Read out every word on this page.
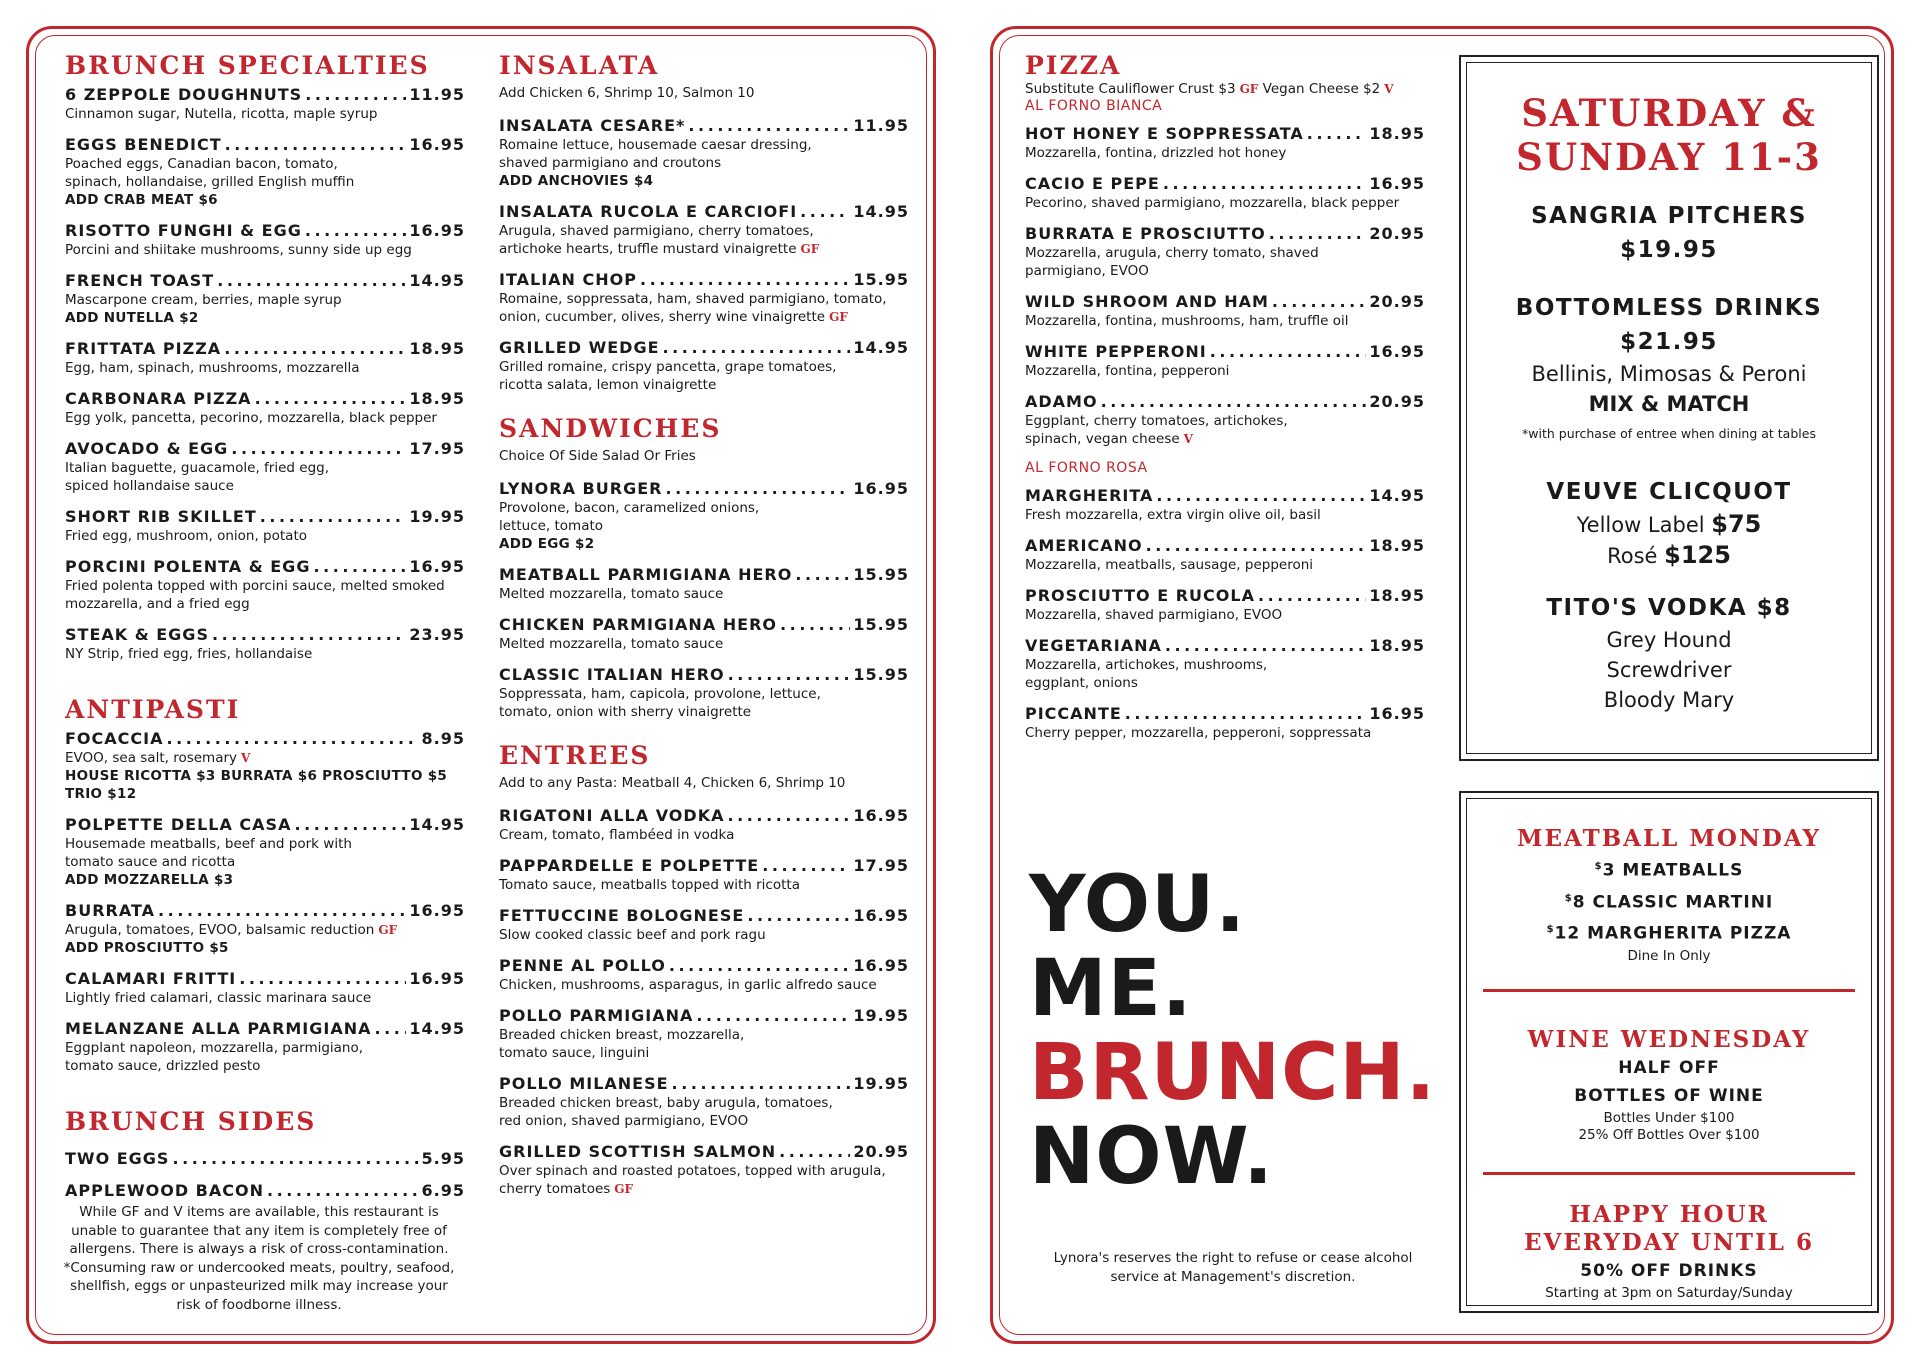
BRUNCH SPECIALTIES
6 ZEPPOLE DOUGHNUTS . . .	11.95
Cinnamon sugar, Nutella, ricotta, maple syrup
EGGS BENEDICT . . .	16.95
Poached eggs, Canadian bacon, tomato,
spinach, hollandaise, grilled English muffin
ADD CRAB MEAT $6
RISOTTO FUNGHI & EGG . . .	16.95
Porcini and shiitake mushrooms, sunny side up egg
FRENCH TOAST . . .	14.95
Mascarpone cream, berries, maple syrup
ADD NUTELLA $2
FRITTATA PIZZA . . .	18.95
Egg, ham, spinach, mushrooms, mozzarella
CARBONARA PIZZA . . .	18.95
Egg yolk, pancetta, pecorino, mozzarella, black pepper
AVOCADO & EGG . . .	17.95
Italian baguette, guacamole, fried egg,
spiced hollandaise sauce
SHORT RIB SKILLET . . .	19.95
Fried egg, mushroom, onion, potato
PORCINI POLENTA & EGG . . .	16.95
Fried polenta topped with porcini sauce, melted smoked
mozzarella, and a fried egg
STEAK & EGGS . . .	23.95
NY Strip, fried egg, fries, hollandaise
ANTIPASTI
FOCACCIA . . .	8.95
EVOO, sea salt, rosemary V
HOUSE RICOTTA $3 BURRATA $6 PROSCIUTTO $5
TRIO $12
POLPETTE DELLA CASA . . .	14.95
Housemade meatballs, beef and pork with
tomato sauce and ricotta
ADD MOZZARELLA $3
BURRATA . . .	16.95
Arugula, tomatoes, EVOO, balsamic reduction GF
ADD PROSCIUTTO $5
CALAMARI FRITTI . . .	16.95
Lightly fried calamari, classic marinara sauce
MELANZANE ALLA PARMIGIANA . . . 14.95
Eggplant napoleon, mozzarella, parmigiano,
tomato sauce, drizzled pesto
BRUNCH SIDES
TWO EGGS . . .	5.95
APPLEWOOD BACON . . .	6.95
While GF and V items are available, this restaurant is unable to guarantee that any item is completely free of allergens. There is always a risk of cross-contamination. *Consuming raw or undercooked meats, poultry, seafood, shellfish, eggs or unpasteurized milk may increase your risk of foodborne illness.
INSALATA
Add Chicken 6, Shrimp 10, Salmon 10
INSALATA CESARE* . . .	11.95
Romaine lettuce, housemade caesar dressing,
shaved parmigiano and croutons
ADD ANCHOVIES $4
INSALATA RUCOLA E CARCIOFI . . .	14.95
Arugula, shaved parmigiano, cherry tomatoes,
artichoke hearts, truffle mustard vinaigrette GF
ITALIAN CHOP . . .	15.95
Romaine, soppressata, ham, shaved parmigiano, tomato,
onion, cucumber, olives, sherry wine vinaigrette GF
GRILLED WEDGE . . .	14.95
Grilled romaine, crispy pancetta, grape tomatoes,
ricotta salata, lemon vinaigrette
SANDWICHES
Choice Of Side Salad Or Fries
LYNORA BURGER . . .	16.95
Provolone, bacon, caramelized onions,
lettuce, tomato
ADD EGG $2
MEATBALL PARMIGIANA HERO . . .	15.95
Melted mozzarella, tomato sauce
CHICKEN PARMIGIANA HERO . . .	15.95
Melted mozzarella, tomato sauce
CLASSIC ITALIAN HERO . . .	15.95
Soppressata, ham, capicola, provolone, lettuce,
tomato, onion with sherry vinaigrette
ENTREES
Add to any Pasta: Meatball 4, Chicken 6, Shrimp 10
RIGATONI ALLA VODKA . . .	16.95
Cream, tomato, flambéed in vodka
PAPPARDELLE E POLPETTE . . .	17.95
Tomato sauce, meatballs topped with ricotta
FETTUCCINE BOLOGNESE . . .	16.95
Slow cooked classic beef and pork ragu
PENNE AL POLLO . . .	16.95
Chicken, mushrooms, asparagus, in garlic alfredo sauce
POLLO PARMIGIANA . . .	19.95
Breaded chicken breast, mozzarella,
tomato sauce, linguini
POLLO MILANESE . . .	19.95
Breaded chicken breast, baby arugula, tomatoes,
red onion, shaved parmigiano, EVOO
GRILLED SCOTTISH SALMON . . .	20.95
Over spinach and roasted potatoes, topped with arugula,
cherry tomatoes GF
PIZZA
Substitute Cauliflower Crust $3 GF Vegan Cheese $2 V
AL FORNO BIANCA
HOT HONEY E SOPPRESSATA . . .	18.95
Mozzarella, fontina, drizzled hot honey
CACIO E PEPE . . .	16.95
Pecorino, shaved parmigiano, mozzarella, black pepper
BURRATA E PROSCIUTTO . . .	20.95
Mozzarella, arugula, cherry tomato, shaved
parmigiano, EVOO
WILD SHROOM AND HAM . . .	20.95
Mozzarella, fontina, mushrooms, ham, truffle oil
WHITE PEPPERONI . . .	16.95
Mozzarella, fontina, pepperoni
ADAMO . . .	20.95
Eggplant, cherry tomatoes, artichokes,
spinach, vegan cheese V
AL FORNO ROSA
MARGHERITA . . .	14.95
Fresh mozzarella, extra virgin olive oil, basil
AMERICANO . . .	18.95
Mozzarella, meatballs, sausage, pepperoni
PROSCIUTTO E RUCOLA . . .	18.95
Mozzarella, shaved parmigiano, EVOO
VEGETARIANA . . .	18.95
Mozzarella, artichokes, mushrooms,
eggplant, onions
PICCANTE . . .	16.95
Cherry pepper, mozzarella, pepperoni, soppressata
YOU.
ME.
BRUNCH.
NOW.
Lynora's reserves the right to refuse or cease alcohol service at Management's discretion.
SATURDAY &
SUNDAY 11-3
SANGRIA PITCHERS
$19.95
BOTTOMLESS DRINKS
$21.95
Bellinis, Mimosas & Peroni
MIX & MATCH
*with purchase of entree when dining at tables
VEUVE CLICQUOT
Yellow Label $75
Rosé $125
TITO'S VODKA $8
Grey Hound
Screwdriver
Bloody Mary
MEATBALL MONDAY
$3 MEATBALLS
$8 CLASSIC MARTINI
$12 MARGHERITA PIZZA
Dine In Only
WINE WEDNESDAY
HALF OFF
BOTTLES OF WINE
Bottles Under $100
25% Off Bottles Over $100
HAPPY HOUR
EVERYDAY UNTIL 6
50% OFF DRINKS
Starting at 3pm on Saturday/Sunday
